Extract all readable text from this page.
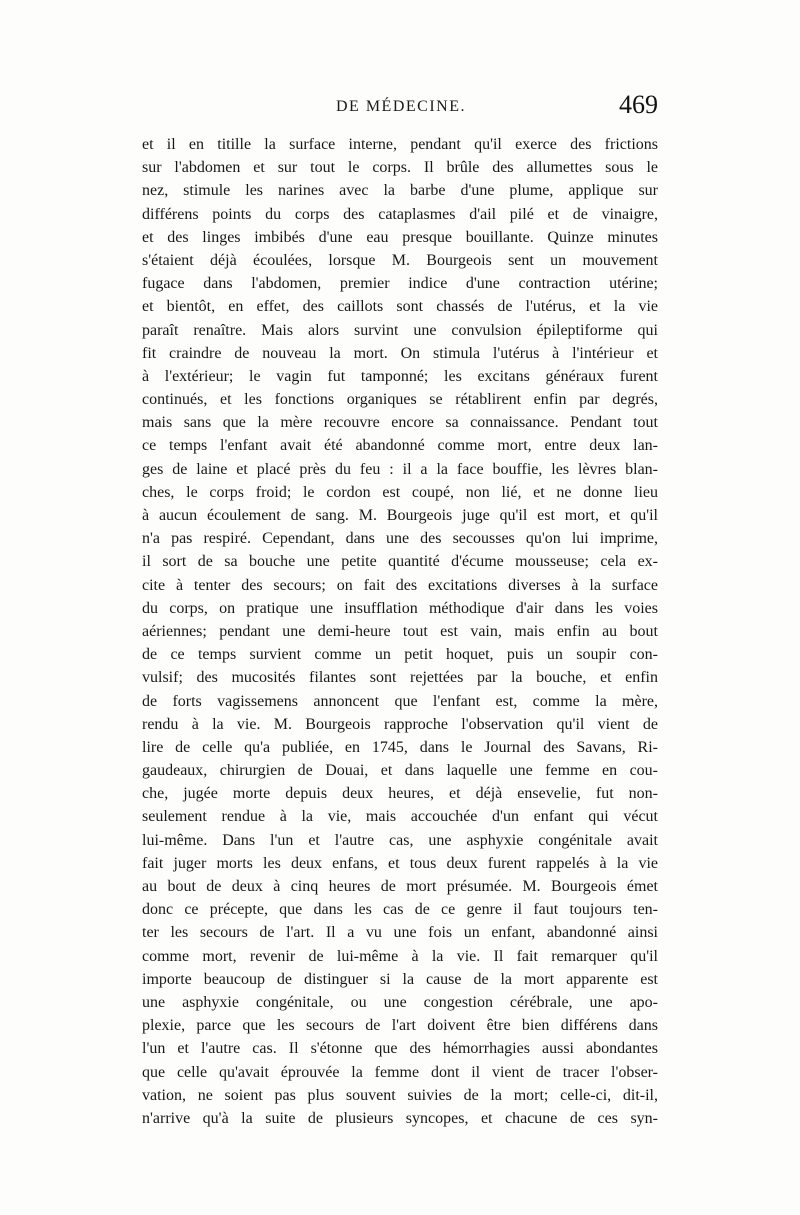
DE MÉDECINE.	469
et il en titille la surface interne, pendant qu'il exerce des frictions
sur l'abdomen et sur tout le corps. Il brûle des allumettes sous le
nez, stimule les narines avec la barbe d'une plume, applique sur
différens points du corps des cataplasmes d'ail pilé et de vinaigre,
et des linges imbibés d'une eau presque bouillante. Quinze minutes
s'étaient déjà écoulées, lorsque M. Bourgeois sent un mouvement
fugace dans l'abdomen, premier indice d'une contraction utérine;
et bientôt, en effet, des caillots sont chassés de l'utérus, et la vie
paraît renaître. Mais alors survint une convulsion épileptiforme qui
fit craindre de nouveau la mort. On stimula l'utérus à l'intérieur et
à l'extérieur; le vagin fut tamponné; les excitans généraux furent
continués, et les fonctions organiques se rétablirent enfin par degrés,
mais sans que la mère recouvre encore sa connaissance. Pendant tout
ce temps l'enfant avait été abandonné comme mort, entre deux lan-
ges de laine et placé près du feu : il a la face bouffie, les lèvres blan-
ches, le corps froid; le cordon est coupé, non lié, et ne donne lieu
à aucun écoulement de sang. M. Bourgeois juge qu'il est mort, et qu'il
n'a pas respiré. Cependant, dans une des secousses qu'on lui imprime,
il sort de sa bouche une petite quantité d'écume mousseuse; cela ex-
cite à tenter des secours; on fait des excitations diverses à la surface
du corps, on pratique une insufflation méthodique d'air dans les voies
aériennes; pendant une demi-heure tout est vain, mais enfin au bout
de ce temps survient comme un petit hoquet, puis un soupir con-
vulsif; des mucosités filantes sont rejettées par la bouche, et enfin
de forts vagissemens annoncent que l'enfant est, comme la mère,
rendu à la vie. M. Bourgeois rapproche l'observation qu'il vient de
lire de celle qu'a publiée, en 1745, dans le Journal des Savans, Ri-
gaudeaux, chirurgien de Douai, et dans laquelle une femme en cou-
che, jugée morte depuis deux heures, et déjà ensevelie, fut non-
seulement rendue à la vie, mais accouchée d'un enfant qui vécut
lui-même. Dans l'un et l'autre cas, une asphyxie congénitale avait
fait juger morts les deux enfans, et tous deux furent rappelés à la vie
au bout de deux à cinq heures de mort présumée. M. Bourgeois émet
donc ce précepte, que dans les cas de ce genre il faut toujours ten-
ter les secours de l'art. Il a vu une fois un enfant, abandonné ainsi
comme mort, revenir de lui-même à la vie. Il fait remarquer qu'il
importe beaucoup de distinguer si la cause de la mort apparente est
une asphyxie congénitale, ou une congestion cérébrale, une apo-
plexie, parce que les secours de l'art doivent être bien différens dans
l'un et l'autre cas. Il s'étonne que des hémorrhagies aussi abondantes
que celle qu'avait éprouvée la femme dont il vient de tracer l'obser-
vation, ne soient pas plus souvent suivies de la mort; celle-ci, dit-il,
n'arrive qu'à la suite de plusieurs syncopes, et chacune de ces syn-
